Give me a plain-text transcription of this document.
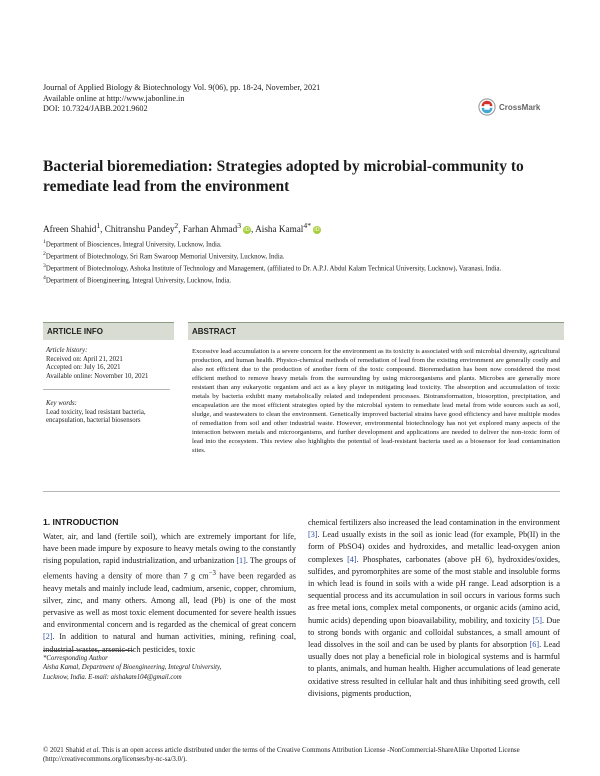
Journal of Applied Biology & Biotechnology Vol. 9(06), pp. 18-24, November, 2021
Available online at http://www.jabonline.in
DOI: 10.7324/JABB.2021.9602	CrossMark
Bacterial bioremediation: Strategies adopted by microbial-community to remediate lead from the environment
Afreen Shahid$^1$, Chitranshu Pandey$^2$, Farhan Ahmad$^3$iD, Aisha Kamal$^{4*}$iD

$^1$Department of Biosciences, Integral University, Lucknow, India.

$^2$Department of Biotechnology, Sri Ram Swaroop Memorial University, Lucknow, India.

$^3$Department of Biotechnology, Ashoka Institute of Technology and Management, (affiliated to Dr. A.P.J. Abdul Kalam Technical University, Lucknow), Varanasi, India.

$^4$Department of Bioengineering, Integral University, Lucknow, India.

ARTICLE INFO
Article history:
Received on: April 21, 2021
Accepted on: July 16, 2021
Available online: November 10, 2021
Key words:
Lead toxicity, lead resistant bacteria, encapsulation, bacterial biosensors
ABSTRACT

Excessive lead accumulation is a severe concern for the environment as its toxicity is associated with soil microbial diversity, agricultural production, and human health. Physico-chemical methods of remediation of lead from the existing environment are generally costly and also not efficient due to the production of another form of the toxic compound. Bioremediation has been now considered the most efficient method to remove heavy metals from the surrounding by using microorganisms and plants. Microbes are generally more resistant than any eukaryotic organism and act as a key player in mitigating lead toxicity. The absorption and accumulation of toxic metals by bacteria exhibit many metabolically related and independent processes. Biotransformation, biosorption, precipitation, and encapsulation are the most efficient strategies opted by the microbial system to remediate lead metal from wide sources such as soil, sludge, and wastewaters to clean the environment. Genetically improved bacterial strains have good efficiency and have multiple modes of remediation from soil and other industrial waste. However, environmental biotechnology has not yet explored many aspects of the interaction between metals and microorganisms, and further development and applications are needed to deliver the non-toxic form of lead into the ecosystem. This review also highlights the potential of lead-resistant bacteria used as a biosensor for lead contamination sites.

1. INTRODUCTION

Water, air, and land (fertile soil), which are extremely important for life, have been made impure by exposure to heavy metals owing to the constantly rising population, rapid industrialization, and urbanization [1]. The groups of elements having a density of more than 7 g $cm^{-3}$ have been regarded as heavy metals and mainly include lead, cadmium, arsenic, copper, chromium, silver, zinc, and many others. Among all, lead (Pb) is one of the most pervasive as well as most toxic element documented for severe health issues and environmental concern and is regarded as the chemical of great concern [2]. In addition to natural and human activities, mining, refining coal, industrial wastes, arsenic-rich pesticides, toxic

chemical fertilizers also increased the lead contamination in the environment [3]. Lead usually exists in the soil as ionic lead (for example, Pb(II) in the form of PbSO4) oxides and hydroxides, and metallic lead-oxygen anion complexes [4]. Phosphates, carbonates (above pH 6), hydroxides/oxides, sulfides, and pyromorphites are some of the most stable and insoluble forms in which lead is found in soils with a wide pH range. Lead adsorption is a sequential process and its accumulation in soil occurs in various forms such as free metal ions, complex metal components, or organic acids (amino acid, humic acids) depending upon bioavailability, mobility, and toxicity [5]. Due to strong bonds with organic and colloidal substances, a small amount of lead dissolves in the soil and can be used by plants for absorption [6]. Lead usually does not play a beneficial role in biological systems and is harmful to plants, animals, and human health. Higher accumulations of lead generate oxidative stress resulted in cellular halt and thus inhibiting seed growth, cell divisions, pigments production,

*Corresponding Author
Aisha Kamal, Department of Bioengineering, Integral University,
Lucknow, India. E-mail: aishakam104@gmail.com
© 2021 Shahid et al. This is an open access article distributed under the terms of the Creative Commons Attribution License -NonCommercial-ShareAlike Unported License (http://creativecommons.org/licenses/by-nc-sa/3.0/).
